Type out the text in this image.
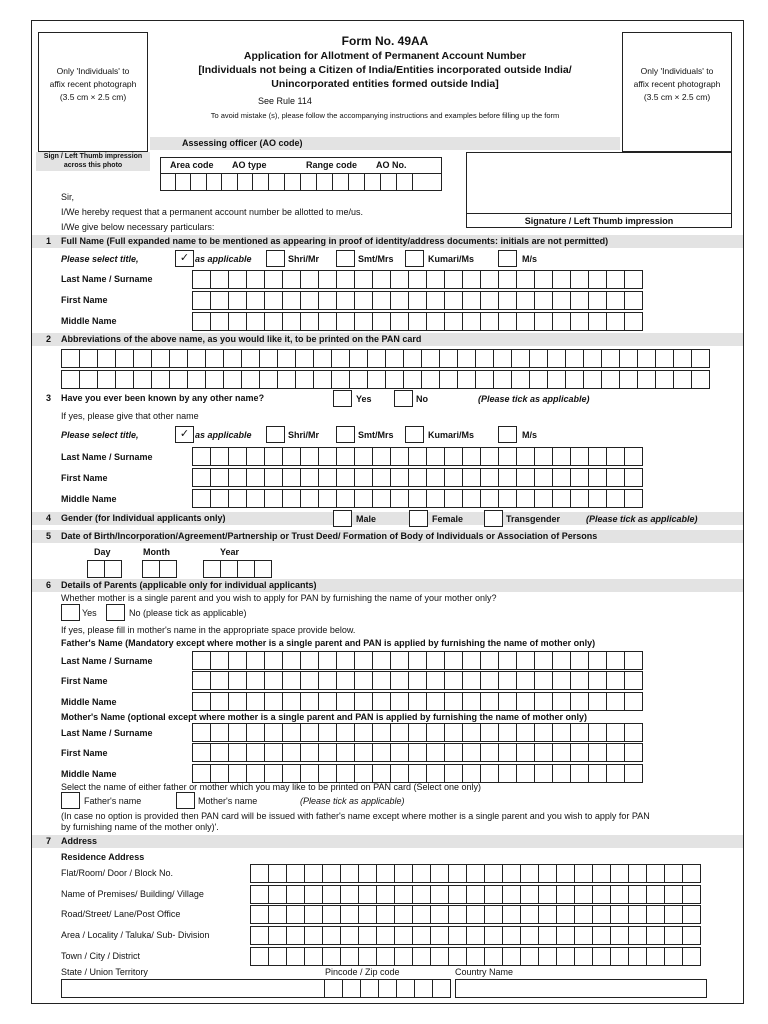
Only 'Individuals' to
affix recent photograph
(3.5 cm × 2.5 cm)
Sign / Left Thumb impression across this photo
Only 'Individuals' to
affix recent photograph
(3.5 cm × 2.5 cm)
Form No. 49AA
Application for Allotment of Permanent Account Number
[Individuals not being a Citizen of India/Entities incorporated outside India/
Unincorporated entities formed outside India]
See Rule 114
To avoid mistake (s), please follow the accompanying instructions and examples before filling up the form
Assessing officer (AO code)
Area code AO type	Range code AO No.
Signature / Left Thumb impression
Sir,
I/We hereby request that a permanent account number be allotted to me/us.
I/We give below necessary particulars:
1 Full Name (Full expanded name to be mentioned as appearing in proof of identity/address documents: initials are not permitted)
Please select title,	✓ as applicable	Shri/Mr	Smt/Mrs	Kumari/Ms	M/s
Last Name / Surname
First Name
Middle Name
2 Abbreviations of the above name, as you would like it, to be printed on the PAN card
3 Have you ever been known by any other name?	Yes	No	(Please tick as applicable)
If yes, please give that other name
Please select title,	✓ as applicable	Shri/Mr	Smt/Mrs	Kumari/Ms	M/s
Last Name / Surname
First Name
Middle Name
4 Gender (for Individual applicants only)	Male	Female	Transgender	(Please tick as applicable)
5 Date of Birth/Incorporation/Agreement/Partnership or Trust Deed/ Formation of Body of Individuals or Association of Persons
Day	Month	Year
6 Details of Parents (applicable only for individual applicants)
Whether mother is a single parent and you wish to apply for PAN by furnishing the name of your mother only?
Yes	No (please tick as applicable)
If yes, please fill in mother's name in the appropriate space provide below.
Father's Name (Mandatory except where mother is a single parent and PAN is applied by furnishing the name of mother only)
Last Name / Surname
First Name
Middle Name
Mother's Name (optional except where mother is a single parent and PAN is applied by furnishing the name of mother only)
Last Name / Surname
First Name
Middle Name
Select the name of either father or mother which you may like to be printed on PAN card (Select one only)
Father's name	Mother's name	(Please tick as applicable)
(In case no option is provided then PAN card will be issued with father's name except where mother is a single parent and you wish to apply for PAN
by furnishing name of the mother only)'.
7 Address
Residence Address
Flat/Room/ Door / Block No.
Name of Premises/ Building/ Village
Road/Street/ Lane/Post Office
Area / Locality / Taluka/ Sub- Division
Town / City / District
State / Union Territory	Pincode / Zip code	Country Name
